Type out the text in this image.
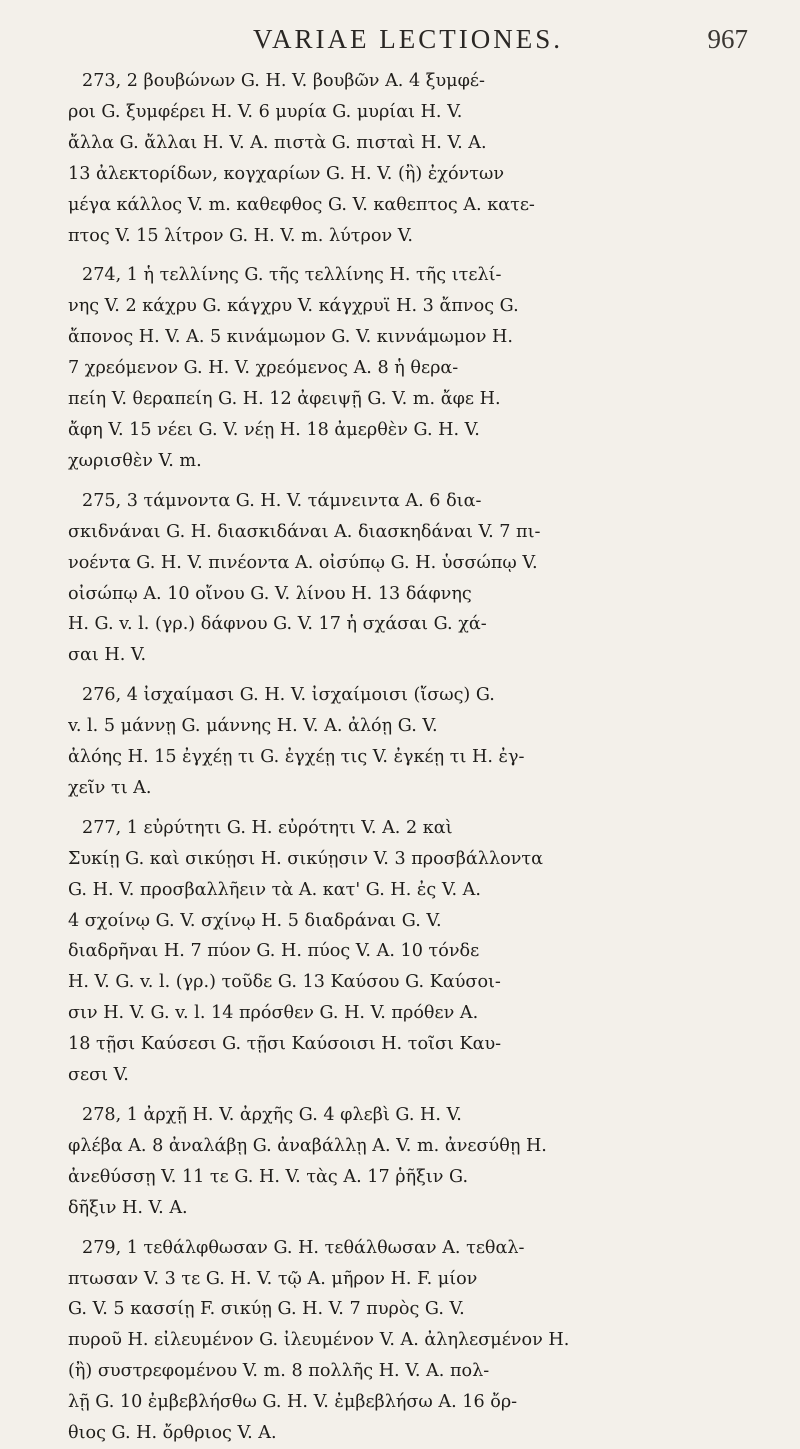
VARIAE LECTIONES.	967
273, 2 βουβώνων G. H. V. βουβῶν A. 4 ξυμφέ-
ροι G. ξυμφέρει H. V. 6 μυρία G. μυρίαι H. V.
ἄλλα G. ἄλλαι H. V. A. πιστὰ G. πισταὶ H. V. A.
13 ἀλεκτορίδων, κογχαρίων G. H. V. (ἢ) ἐχόντων
μέγα κάλλος V. m. καθεφθος G. V. καθεπτος A. κατε-
πτος V. 15 λίτρον G. H. V. m. λύτρον V.
274, 1 ἡ τελλίνης G. τῆς τελλίνης H. τῆς ιτελί-
νης V. 2 κάχρυ G. κάγχρυ V. κάγχρυϊ H. 3 ἄπνος G.
ἄπονος H. V. A. 5 κινάμωμον G. V. κιννάμωμον H.
7 χρεόμενον G. H. V. χρεόμενος A. 8 ἡ θερα-
πείη V. θεραπείη G. H. 12 ἀφειψῇ G. V. m. ἄφε H.
ἄφη V. 15 νέει G. V. νέῃ H. 18 ἀμερθὲν G. H. V.
χωρισθὲν V. m.
275, 3 τάμνοντα G. H. V. τάμνειντα A. 6 δια-
σκιδνάναι G. H. διασκιδάναι A. διασκηδάναι V. 7 πι-
νοέντα G. H. V. πινέοντα A. οἰσύπῳ G. H. ὑσσώπῳ V.
οἰσώπῳ A. 10 οἴνου G. V. λίνου H. 13 δάφνης
H. G. v. l. (γρ.) δάφνου G. V. 17 ἡ σχάσαι G. χά-
σαι H. V.
276, 4 ἰσχαίμασι G. H. V. ἰσχαίμοισι (ἴσως) G.
v. l. 5 μάννῃ G. μάννης H. V. A. ἀλόῃ G. V.
ἀλόης H. 15 ἐγχέῃ τι G. ἐγχέῃ τις V. ἐγκέῃ τι H. ἐγ-
χεῖν τι A.
277, 1 εὐρύτητι G. H. εὐρότητι V. A. 2 καὶ
Συκίῃ G. καὶ σικύῃσι H. σικύῃσιν V. 3 προσβάλλοντα
G. H. V. προσβαλλῆειν τὰ A. κατ' G. H. ἐς V. A.
4 σχοίνῳ G. V. σχίνῳ H. 5 διαδράναι G. V.
διαδρῆναι H. 7 πύον G. H. πύος V. A. 10 τόνδε
H. V. G. v. l. (γρ.) τοῦδε G. 13 Καύσου G. Καύσοι-
σιν H. V. G. v. l. 14 πρόσθεν G. H. V. πρόθεν A.
18 τῇσι Καύσεσι G. τῇσι Καύσοισι H. τοῖσι Καυ-
σεσι V.
278, 1 ἀρχῇ H. V. ἀρχῆς G. 4 φλεβὶ G. H. V.
φλέβα A. 8 ἀναλάβῃ G. ἀναβάλλῃ A. V. m. ἀνεσύθῃ H.
ἀνεθύσσῃ V. 11 τε G. H. V. τὰς A. 17 ῥῆξιν G.
δῆξιν H. V. A.
279, 1 τεθάλφθωσαν G. H. τεθάλθωσαν A. τεθαλ-
πτωσαν V. 3 τε G. H. V. τῷ A. μῆρον H. F. μίον
G. V. 5 κασσίῃ F. σικύῃ G. H. V. 7 πυρὸς G. V.
πυροῦ H. εἰλευμένον G. ἰλευμένον V. A. ἀληλεσμένον H.
(ἢ) συστρεφομένου V. m. 8 πολλῆς H. V. A. πολ-
λῇ G. 10 ἐμβεβλήσθω G. H. V. ἐμβεβλήσω A. 16 ὄρ-
θιος G. H. ὄρθριος V. A.
